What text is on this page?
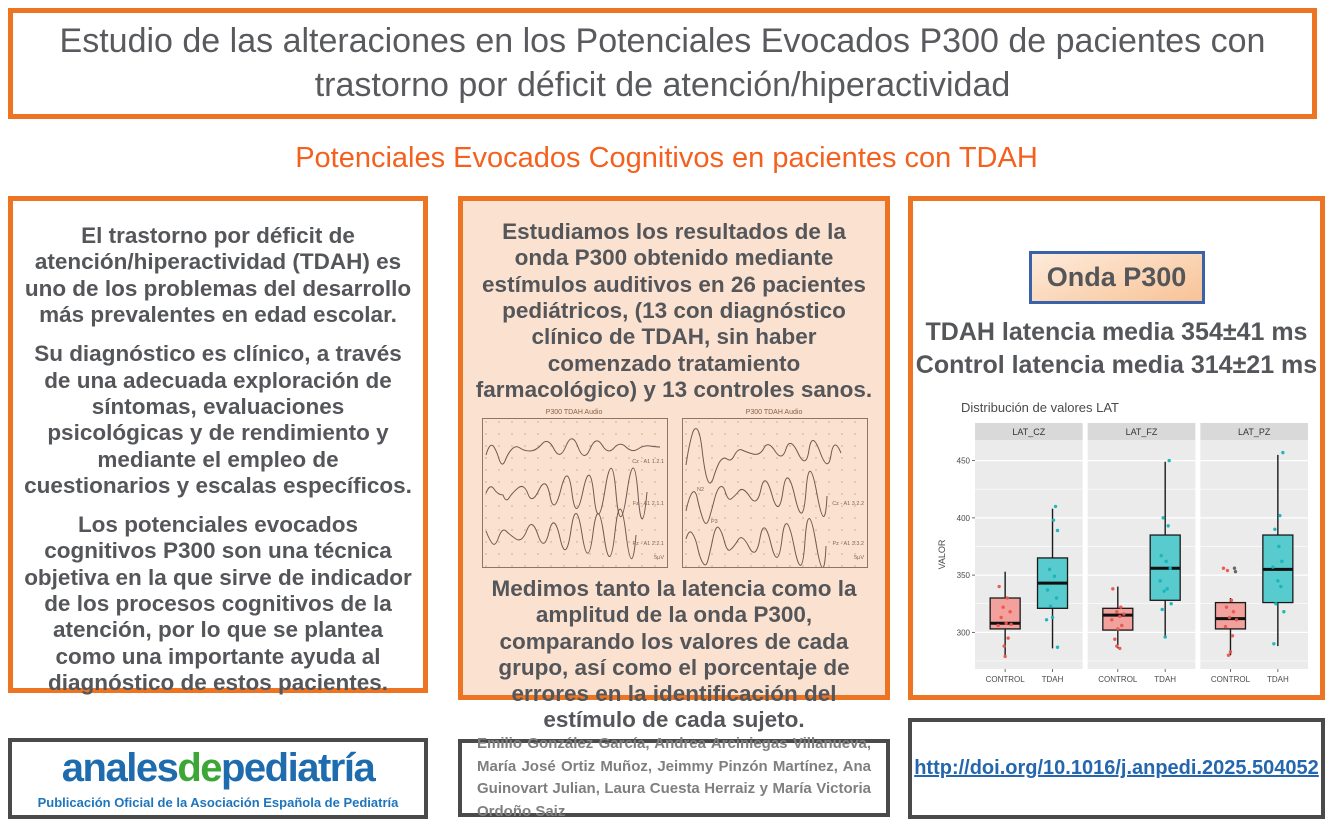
Estudio de las alteraciones en los Potenciales Evocados P300 de pacientes con trastorno por déficit de atención/hiperactividad
Potenciales Evocados Cognitivos en pacientes con TDAH

El trastorno por déficit de atención/hiperactividad (TDAH) es uno de los problemas del desarrollo más prevalentes en edad escolar.

Su diagnóstico es clínico, a través de una adecuada exploración de síntomas, evaluaciones psicológicas y de rendimiento y mediante el empleo de cuestionarios y escalas específicos.

Los potenciales evocados cognitivos P300 son una técnica objetiva en la que sirve de indicador de los procesos cognitivos de la atención, por lo que se plantea como una importante ayuda al diagnóstico de estos pacientes.

Estudiamos los resultados de la onda P300 obtenido mediante estímulos auditivos en 26 pacientes pediátricos, (13 con diagnóstico clínico de TDAH, sin haber comenzado tratamiento farmacológico) y 13 controles sanos.

P300 TDAH Audio
Cz - A1 1.2.1
Fz - A1 2.1.1
Pz - A1 2.2.1
5µV
P300 TDAH Audio
N2
P3
Cz - A1 3.2.2
Pz - A1 3.3.2
5µV

Medimos tanto la latencia como la amplitud de la onda P300, comparando los valores de cada grupo, así como el porcentaje de errores en la identificación del estímulo de cada sujeto.

Onda P300
TDAH latencia media 354±41 ms
Control latencia media 314±21 ms
Distribución de valores LAT
VALOR
LAT_CZ
CONTROL TDAH
LAT_FZ
CONTROL TDAH
LAT_PZ
CONTROL TDAH
300
350
400
450
analesdepediatría
Publicación Oficial de la Asociación Española de Pediatría

Emilio González García, Andrea Arciniegas Villanueva, María José Ortiz Muñoz, Jeimmy Pinzón Martínez, Ana Guinovart Julian, Laura Cuesta Herraiz y María Victoria Ordoño Saiz

http://doi.org/10.1016/j.anpedi.2025.504052
